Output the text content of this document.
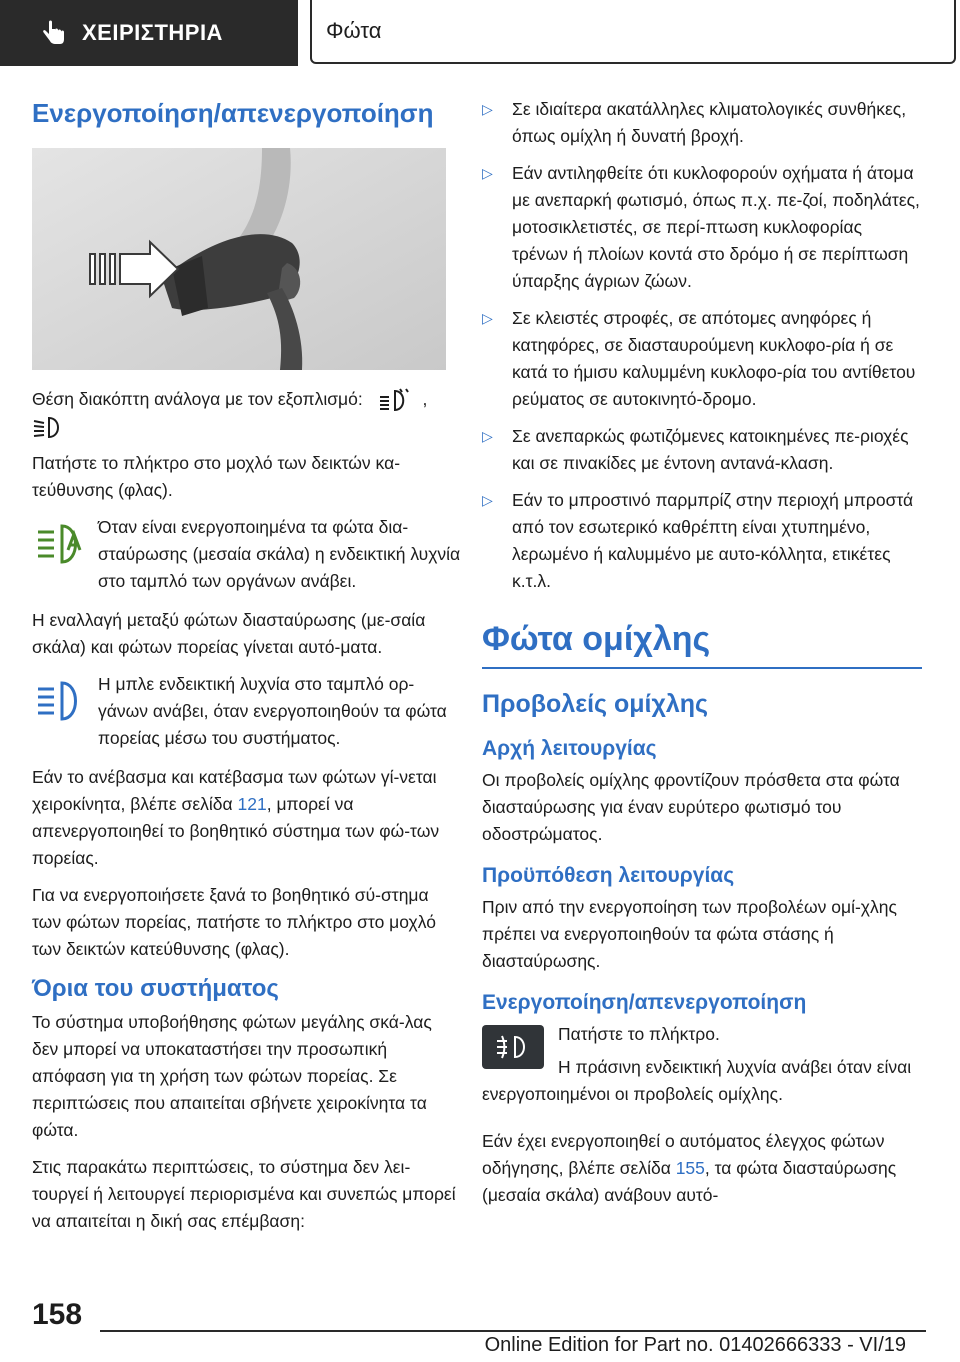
ΧΕΙΡΙΣΤΗΡΙΑ	Φώτα
Ενεργοποίηση/απενεργοποίηση

Θέση διακόπτη ανάλογα με τον εξοπλισμό:	,

Πατήστε το πλήκτρο στο μοχλό των δεικτών κα-τεύθυνσης (φλας).

Όταν είναι ενεργοποιημένα τα φώτα δια-σταύρωσης (μεσαία σκάλα) η ενδεικτική λυχνία στο ταμπλό των οργάνων ανάβει.

Η εναλλαγή μεταξύ φώτων διασταύρωσης (με-σαία σκάλα) και φώτων πορείας γίνεται αυτό-ματα.

Η μπλε ενδεικτική λυχνία στο ταμπλό ορ-γάνων ανάβει, όταν ενεργοποιηθούν τα φώτα πορείας μέσω του συστήματος.

Εάν το ανέβασμα και κατέβασμα των φώτων γί-νεται χειροκίνητα, βλέπε σελίδα 121, μπορεί να απενεργοποιηθεί το βοηθητικό σύστημα των φώ-των πορείας.

Για να ενεργοποιήσετε ξανά το βοηθητικό σύ-στημα των φώτων πορείας, πατήστε το πλήκτρο στο μοχλό των δεικτών κατεύθυνσης (φλας).

Όρια του συστήματος

Το σύστημα υποβοήθησης φώτων μεγάλης σκά-λας δεν μπορεί να υποκαταστήσει την προσωπική απόφαση για τη χρήση των φώτων πορείας. Σε περιπτώσεις που απαιτείται σβήνετε χειροκίνητα τα φώτα.

Στις παρακάτω περιπτώσεις, το σύστημα δεν λει-τουργεί ή λειτουργεί περιορισμένα και συνεπώς μπορεί να απαιτείται η δική σας επέμβαση:

▷	Σε ιδιαίτερα ακατάλληλες κλιματολογικές συνθήκες, όπως ομίχλη ή δυνατή βροχή.
▷	Εάν αντιληφθείτε ότι κυκλοφορούν οχήματα ή άτομα με ανεπαρκή φωτισμό, όπως π.χ. πε-ζοί, ποδηλάτες, μοτοσικλετιστές, σε περί-πτωση κυκλοφορίας τρένων ή πλοίων κοντά στο δρόμο ή σε περίπτωση ύπαρξης άγριων ζώων.
▷	Σε κλειστές στροφές, σε απότομες ανηφόρες ή κατηφόρες, σε διασταυρούμενη κυκλοφο-ρία ή σε κατά το ήμισυ καλυμμένη κυκλοφο-ρία του αντίθετου ρεύματος σε αυτοκινητό-δρομο.
▷	Σε ανεπαρκώς φωτιζόμενες κατοικημένες πε-ριοχές και σε πινακίδες με έντονη αντανά-κλαση.
▷	Εάν το μπροστινό παρμπρίζ στην περιοχή μπροστά από τον εσωτερικό καθρέπτη είναι χτυπημένο, λερωμένο ή καλυμμένο με αυτο-κόλλητα, ετικέτες κ.τ.λ.
Φώτα ομίχλης
Προβολείς ομίχλης
Αρχή λειτουργίας

Οι προβολείς ομίχλης φροντίζουν πρόσθετα στα φώτα διασταύρωσης για έναν ευρύτερο φωτισμό του οδοστρώματος.

Προϋπόθεση λειτουργίας

Πριν από την ενεργοποίηση των προβολέων ομί-χλης πρέπει να ενεργοποιηθούν τα φώτα στάσης ή διασταύρωσης.

Ενεργοποίηση/απενεργοποίηση

Πατήστε το πλήκτρο.

Η πράσινη ενδεικτική λυχνία ανάβει όταν είναι ενεργοποιημένοι οι προβολείς ομίχλης.

Εάν έχει ενεργοποιηθεί ο αυτόματος έλεγχος φώτων οδήγησης, βλέπε σελίδα 155, τα φώτα διασταύρωσης (μεσαία σκάλα) ανάβουν αυτό-

158
Online Edition for Part no. 01402666333 - VI/19
